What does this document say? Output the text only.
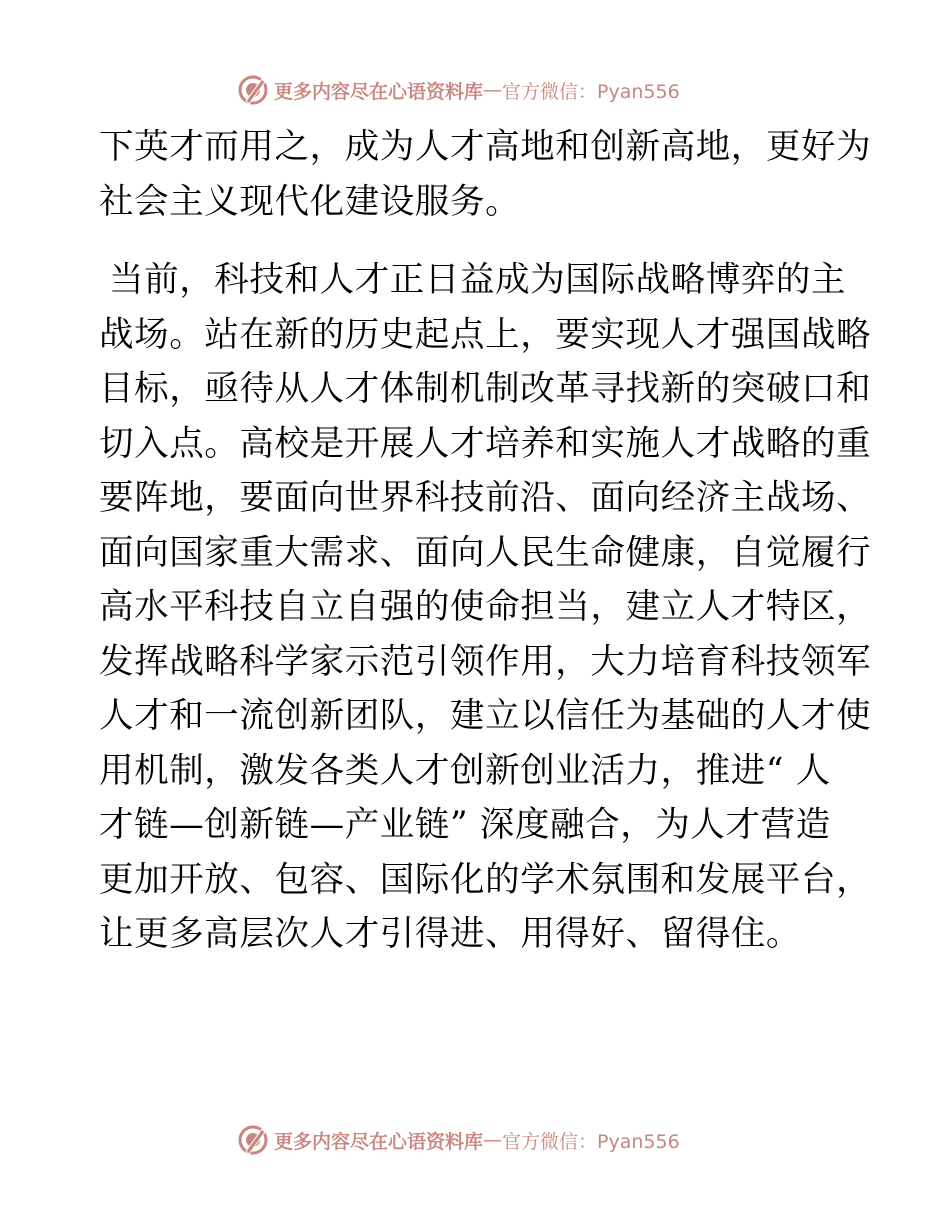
更多内容尽在心语资料库 — 官方微信：Pyan556
下英才而用之，成为人才高地和创新高地，更好为
社会主义现代化建设服务。
当前，科技和人才正日益成为国际战略博弈的主
战场。站在新的历史起点上，要实现人才强国战略
目标，亟待从人才体制机制改革寻找新的突破口和
切入点。高校是开展人才培养和实施人才战略的重
要阵地，要面向世界科技前沿、面向经济主战场、
面向国家重大需求、面向人民生命健康，自觉履行
高水平科技自立自强的使命担当，建立人才特区，
发挥战略科学家示范引领作用，大力培育科技领军
人才和一流创新团队，建立以信任为基础的人才使
用机制，激发各类人才创新创业活力，推进“ 人
才链—创新链—产业链” 深度融合，为人才营造
更加开放、包容、国际化的学术氛围和发展平台，
让更多高层次人才引得进、用得好、留得住。
更多内容尽在心语资料库 — 官方微信：Pyan556
